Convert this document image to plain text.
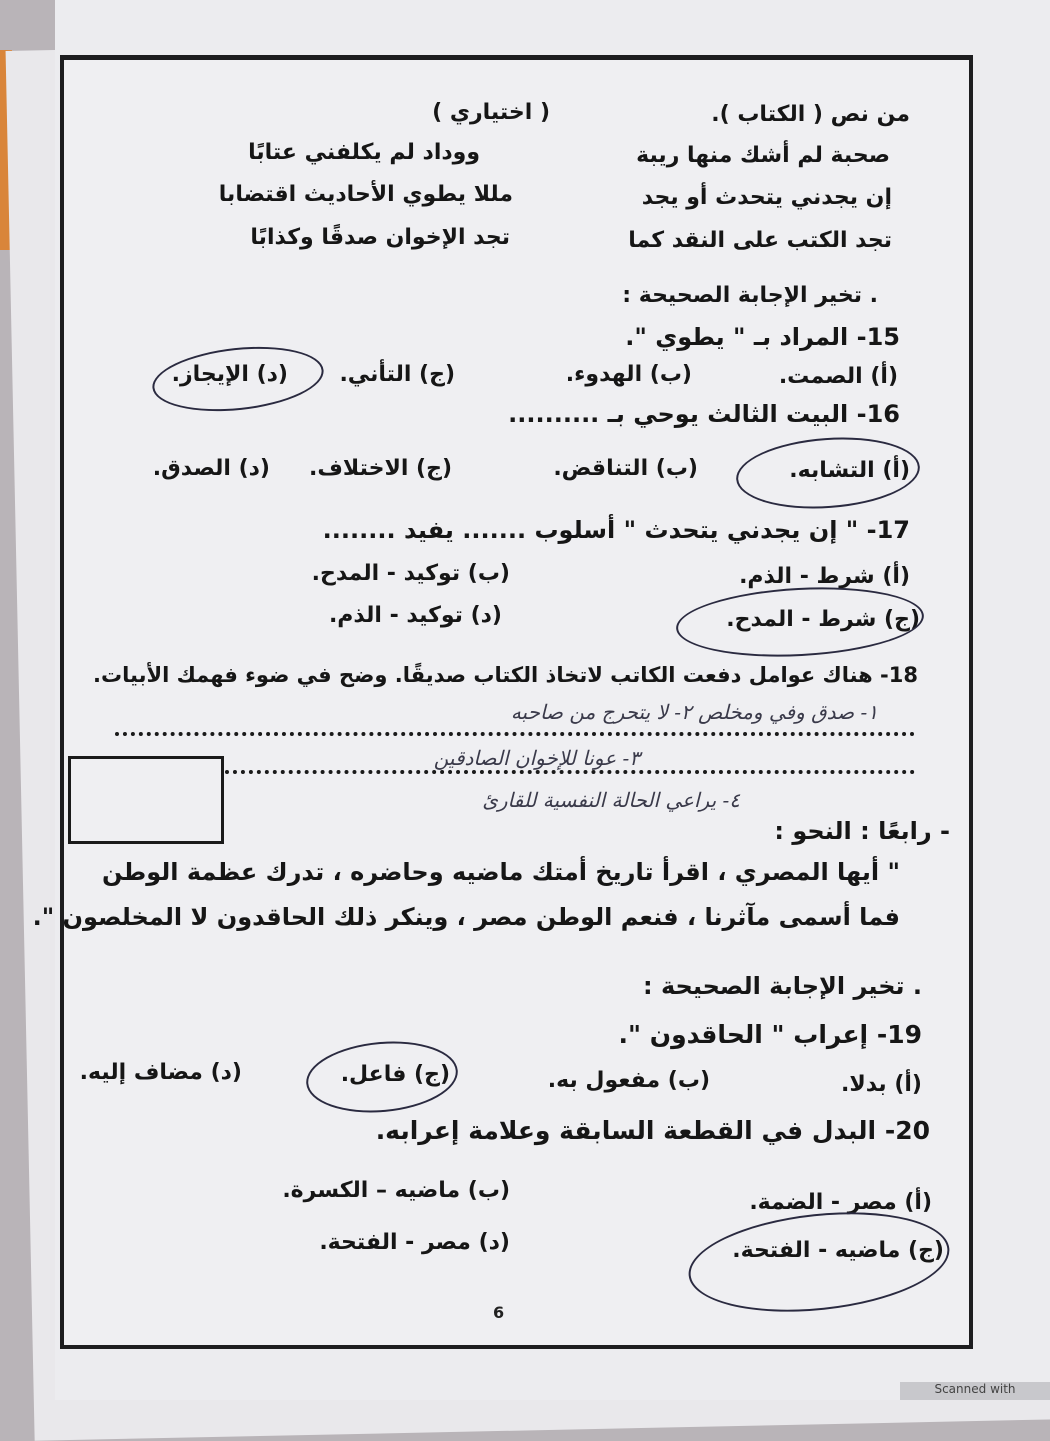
من نص ( الكتاب ).
( اختياري )
صحبة لم أشك منها ريبة
ووداد لم يكلفني عتابًا
إن يجدني يتحدث أو يجد
مللا يطوي الأحاديث اقتضابا
تجد الكتب على النقد كما
تجد الإخوان صدقًا وكذابًا
. تخير الإجابة الصحيحة :
15- المراد بـ " يطوي ".
(أ) الصمت.
(ب) الهدوء.
(ج) التأني.
(د) الإيجاز.
16- البيت الثالث يوحي بـ ..........
(أ) التشابه.
(ب) التناقض.
(ج) الاختلاف.
(د) الصدق.
17- " إن يجدني يتحدث " أسلوب ....... يفيد ........
(أ) شرط - الذم.
(ب) توكيد - المدح.
(ج) شرط - المدح.
(د) توكيد - الذم.
18- هناك عوامل دفعت الكاتب لاتخاذ الكتاب صديقًا. وضح في ضوء فهمك الأبيات.
١- صدق وفي ومخلص ٢- لا يتحرج من صاحبه
٣- عونا للإخوان الصادقين
٤- يراعي الحالة النفسية للقارئ
- رابعًا : النحو :
" أيها المصري ، اقرأ تاريخ أمتك ماضيه وحاضره ، تدرك عظمة الوطن
فما أسمى مآثرنا ، فنعم الوطن مصر ، وينكر ذلك الحاقدون لا المخلصون ".
. تخير الإجابة الصحيحة :
19- إعراب " الحاقدون ".
(أ) بدلا.
(ب) مفعول به.
(ج) فاعل.
(د) مضاف إليه.
20- البدل في القطعة السابقة وعلامة إعرابه.
(أ) مصر - الضمة.
(ب) ماضيه – الكسرة.
(ج) ماضيه - الفتحة.
(د) مصر - الفتحة.
6
Scanned with
